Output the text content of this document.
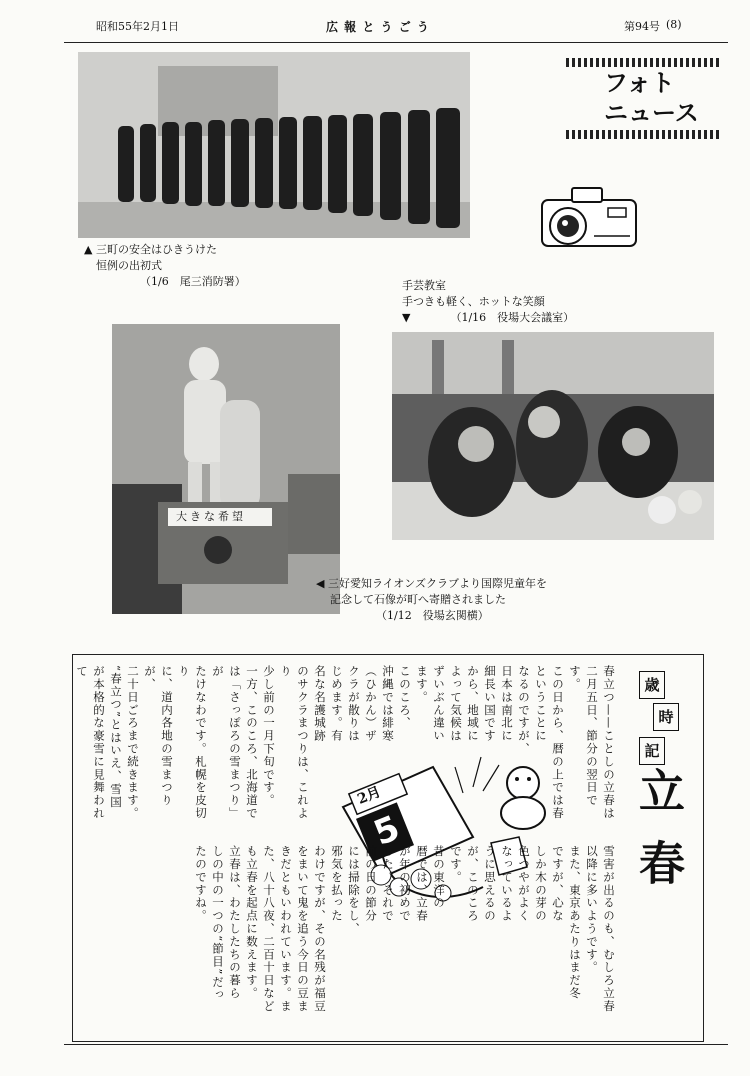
昭和55年2月1日	広 報 と う ご う	第94号 (8)
フォト
ニュース
▲ 三町の安全はひきうけた
恒例の出初式
（1/6　 尾三消防署）	手芸教室
手つきも軽く、ホットな笑顔
▼	（1/16　 役場大会議室）
大きな希望
◀ 三好愛知ライオンズクラブより国際児童年を
記念して石像が町へ寄贈されました
（1/12　 役場玄関横）
歳
時
記
立春
春立つ——ことしの立春は
二月五日、節分の翌日です。
この日から、暦の上では春
ということに
なるのですが、
日本は南北に
細長い国です
から、地域に
よって気候は
ずいぶん違い
ます。
このころ、
沖縄では緋寒
（ひかん）ザ
クラが散りは
じめます。有
名な名護城跡
のサクラまつりは、これより
少し前の一月下旬です。
一方、このころ、北海道で
は「さっぽろの雪まつり」が
たけなわです。札幌を皮切り
に、道内各地の雪まつりが、
二十日ごろまで続きます。
“春立つ”とはいえ、雪国
が本格的な豪雪に見舞われて
2月
5
雪害が出るのも、むしろ立春
以降に多いようです。
また、東京あたりはまだ冬
ですが、心な
しか木の芽の
色つやがよく
なっているよ
うに思えるの
が、このころ
です。
昔の東洋の
暦では、立春
が年の初めで
した。それで
前の日の節分
には掃除をし、
邪気を払った
わけですが、その名残が福豆
をまいて鬼を追う今日の豆ま
きだともいわれています。ま
た、八十八夜、二百十日など
も立春を起点に数えます。
立春は、わたしたちの暮ら
しの中の一つの“節目”だっ
たのですね。
